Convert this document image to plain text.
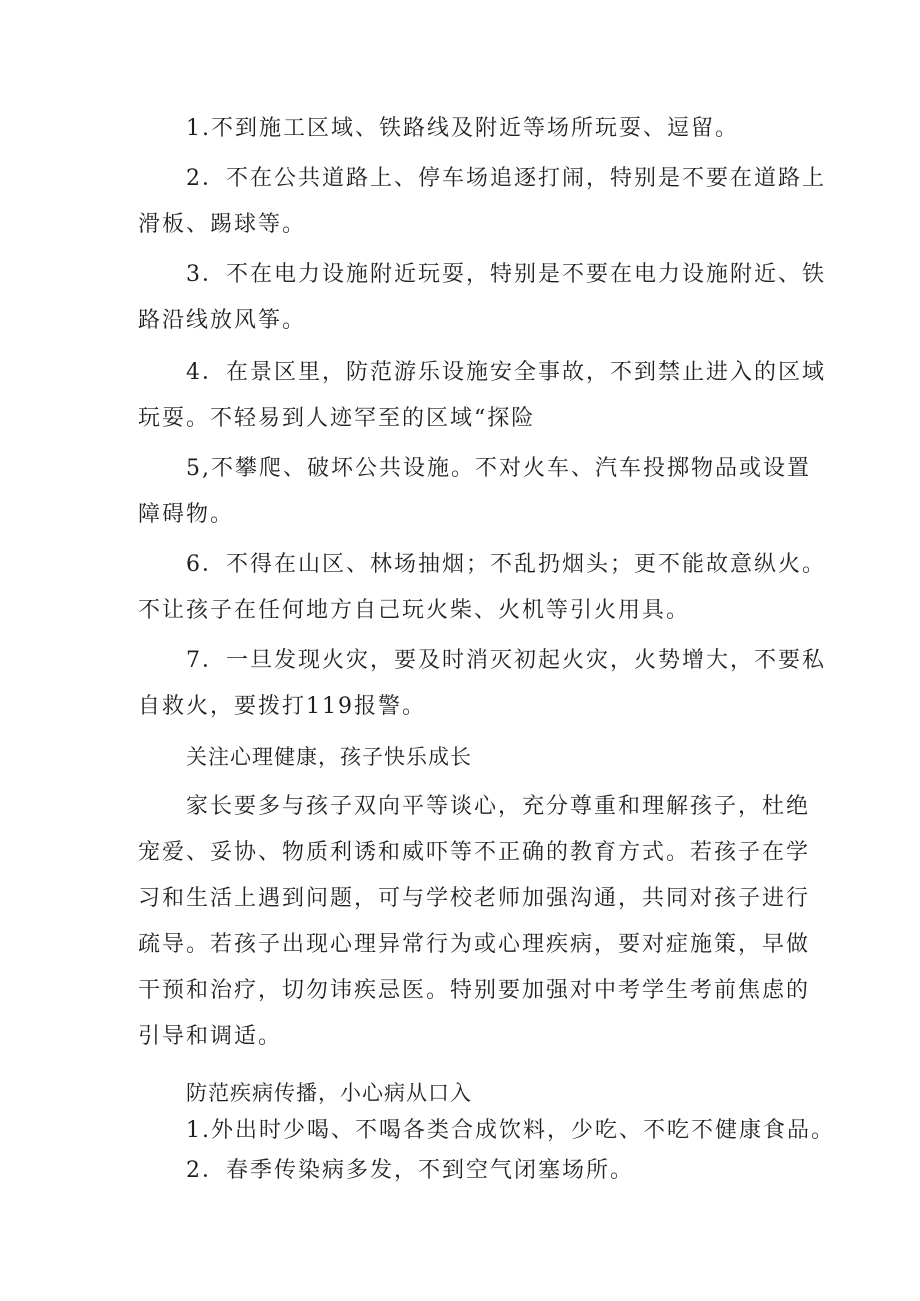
1.不到施工区域、铁路线及附近等场所玩耍、逗留。

2．不在公共道路上、停车场追逐打闹，特别是不要在道路上
滑板、踢球等。

3．不在电力设施附近玩耍，特别是不要在电力设施附近、铁
路沿线放风筝。

4．在景区里，防范游乐设施安全事故，不到禁止进入的区域
玩耍。不轻易到人迹罕至的区域“探险

5,不攀爬、破坏公共设施。不对火车、汽车投掷物品或设置
障碍物。

6．不得在山区、林场抽烟；不乱扔烟头；更不能故意纵火。
不让孩子在任何地方自己玩火柴、火机等引火用具。

7．一旦发现火灾，要及时消灭初起火灾，火势增大，不要私
自救火，要拨打119报警。

关注心理健康，孩子快乐成长

家长要多与孩子双向平等谈心，充分尊重和理解孩子，杜绝
宠爱、妥协、物质利诱和威吓等不正确的教育方式。若孩子在学
习和生活上遇到问题，可与学校老师加强沟通，共同对孩子进行
疏导。若孩子出现心理异常行为或心理疾病，要对症施策，早做
干预和治疗，切勿讳疾忌医。特别要加强对中考学生考前焦虑的
引导和调适。

防范疾病传播，小心病从口入

1.外出时少喝、不喝各类合成饮料，少吃、不吃不健康食品。

2．春季传染病多发，不到空气闭塞场所。
